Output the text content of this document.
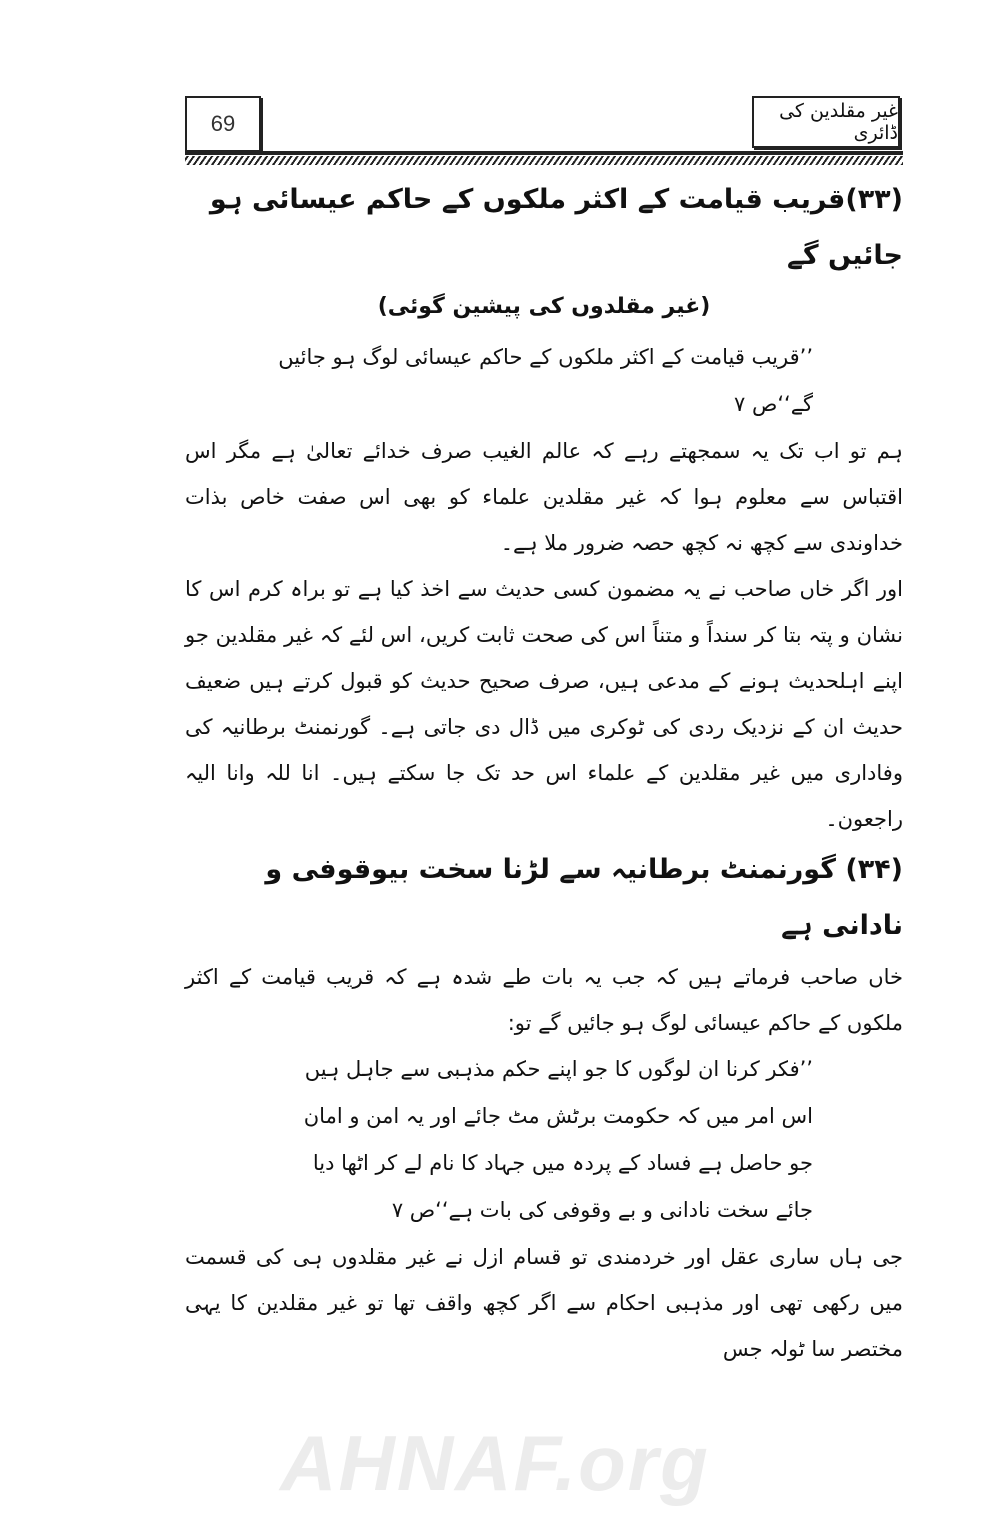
69	غیر مقلدین کی ڈائری
(۳۳)قریب قیامت کے اکثر ملکوں کے حاکم عیسائی ہو جائیں گے
(غیر مقلدوں کی پیشین گوئی)

’’قریب قیامت کے اکثر ملکوں کے حاکم عیسائی لوگ ہو جائیں گے‘‘ص ۷

ہم تو اب تک یہ سمجھتے رہے کہ عالم الغیب صرف خدائے تعالیٰ ہے مگر اس اقتباس سے معلوم ہوا کہ غیر مقلدین علماء کو بھی اس صفت خاص بذات خداوندی سے کچھ نہ کچھ حصہ ضرور ملا ہے۔

اور اگر خاں صاحب نے یہ مضمون کسی حدیث سے اخذ کیا ہے تو براہ کرم اس کا نشان و پتہ بتا کر سنداً و متناً اس کی صحت ثابت کریں، اس لئے کہ غیر مقلدین جو اپنے اہلحدیث ہونے کے مدعی ہیں، صرف صحیح حدیث کو قبول کرتے ہیں ضعیف حدیث ان کے نزدیک ردی کی ٹوکری میں ڈال دی جاتی ہے۔ گورنمنٹ برطانیہ کی وفاداری میں غیر مقلدین کے علماء اس حد تک جا سکتے ہیں۔ انا للہ وانا الیہ راجعون۔

(۳۴) گورنمنٹ برطانیہ سے لڑنا سخت بیوقوفی و نادانی ہے

خاں صاحب فرماتے ہیں کہ جب یہ بات طے شدہ ہے کہ قریب قیامت کے اکثر ملکوں کے حاکم عیسائی لوگ ہو جائیں گے تو:

’’فکر کرنا ان لوگوں کا جو اپنے حکم مذہبی سے جاہل ہیں اس امر میں کہ حکومت برٹش مٹ جائے اور یہ امن و امان جو حاصل ہے فساد کے پردہ میں جہاد کا نام لے کر اٹھا دیا جائے سخت نادانی و بے وقوفی کی بات ہے‘‘ص ۷

جی ہاں ساری عقل اور خردمندی تو قسام ازل نے غیر مقلدوں ہی کی قسمت میں رکھی تھی اور مذہبی احکام سے اگر کچھ واقف تھا تو غیر مقلدین کا یہی مختصر سا ٹولہ جس

AHNAF.org
